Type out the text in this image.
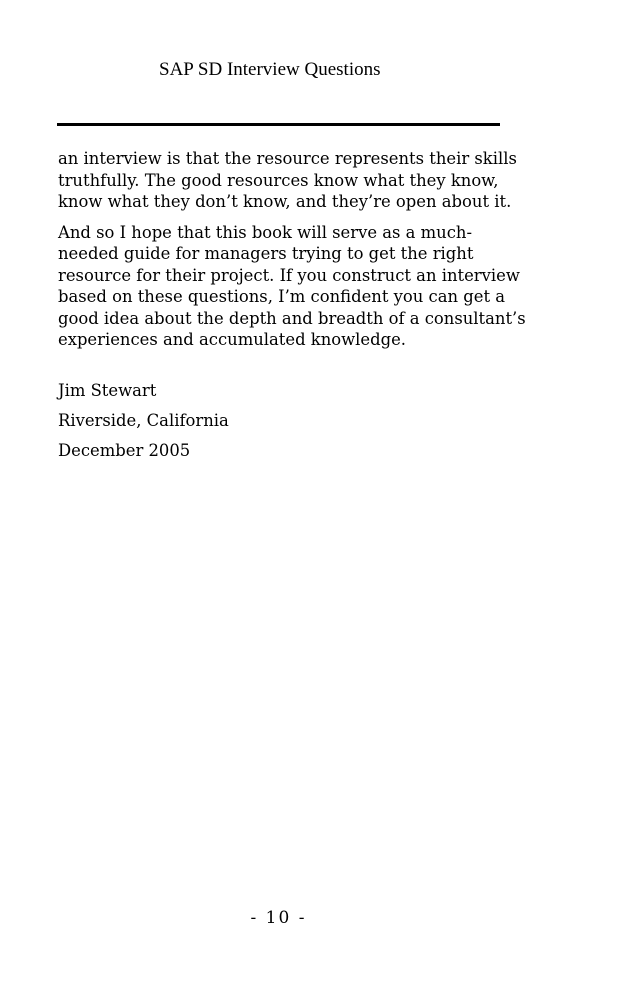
SAP SD Interview Questions

an interview is that the resource represents their skills
truthfully. The good resources know what they know,
know what they don’t know, and they’re open about it.

And so I hope that this book will serve as a much-
needed guide for managers trying to get the right
resource for their project. If you construct an interview
based on these questions, I’m confident you can get a
good idea about the depth and breadth of a consultant’s
experiences and accumulated knowledge.

Jim Stewart
Riverside, California
December 2005
- 10 -
